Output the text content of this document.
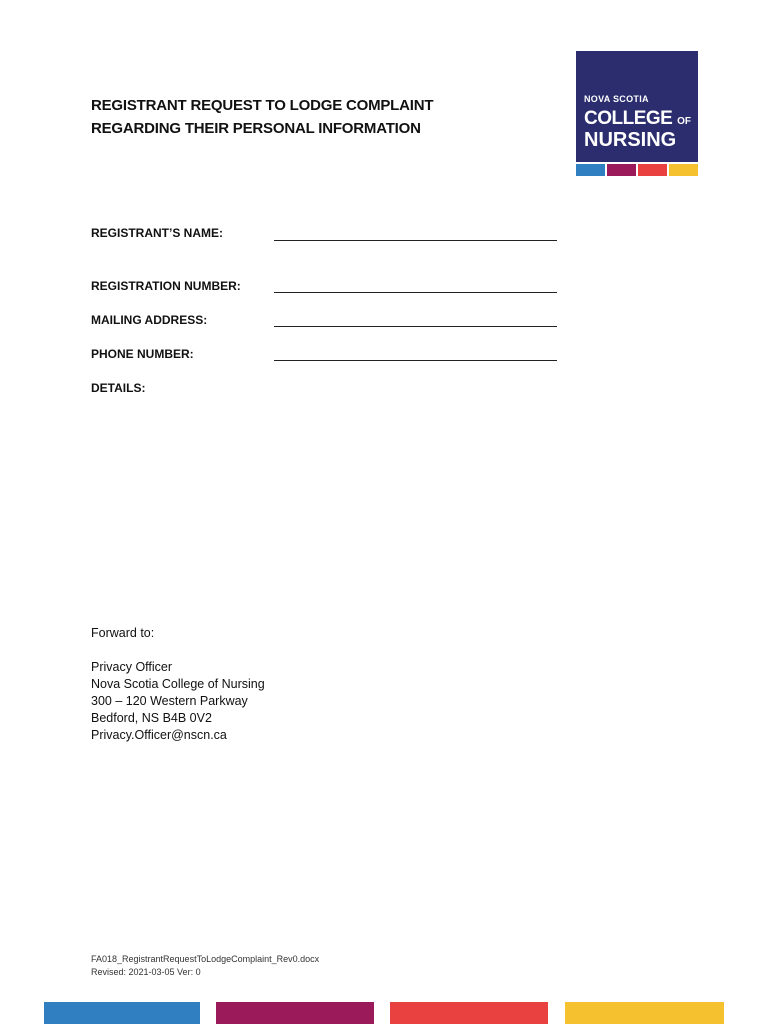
REGISTRANT REQUEST TO LODGE COMPLAINT
REGARDING THEIR PERSONAL INFORMATION
NOVA SCOTIA
COLLEGE OF
NURSING
REGISTRANT’S NAME:
REGISTRATION NUMBER:
MAILING ADDRESS:
PHONE NUMBER:
DETAILS:
Forward to:
Privacy Officer
Nova Scotia College of Nursing
300 – 120 Western Parkway
Bedford, NS B4B 0V2
Privacy.Officer@nscn.ca
FA018_RegistrantRequestToLodgeComplaint_Rev0.docx
Revised: 2021-03-05 Ver: 0
